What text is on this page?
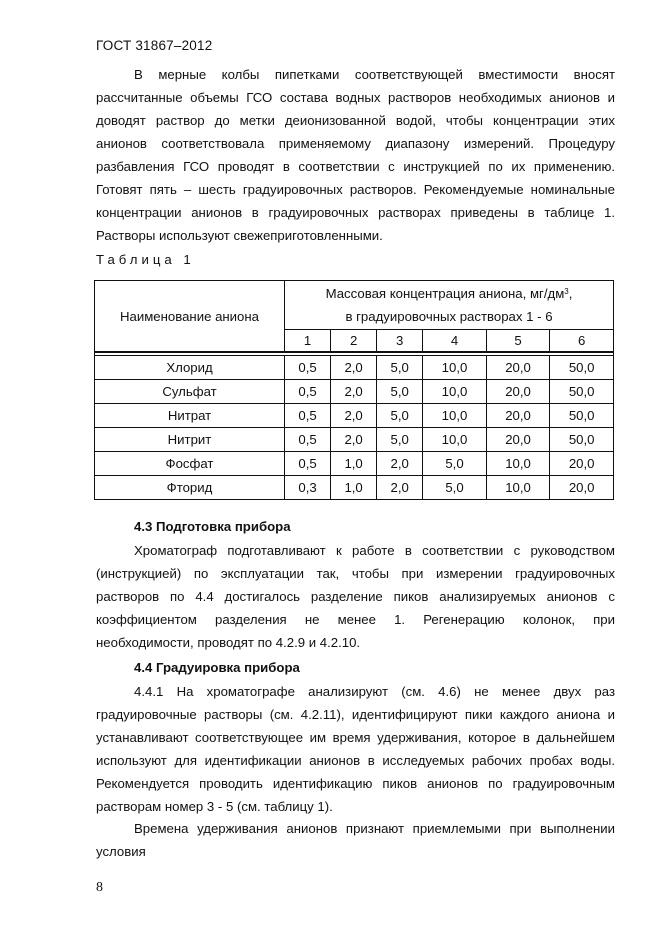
ГОСТ 31867–2012

В мерные колбы пипетками соответствующей вместимости вносят рассчитанные объемы ГСО состава водных растворов необходимых анионов и доводят раствор до метки деионизованной водой, чтобы концентрации этих анионов соответствовала применяемому диапазону измерений. Процедуру разбавления ГСО проводят в соответствии с инструкцией по их применению. Готовят пять – шесть градуировочных растворов. Рекомендуемые номинальные концентрации анионов в градуировочных растворах приведены в таблице 1. Растворы используют свежеприготовленными.

Таблица 1
Наименование аниона	Массовая концентрация аниона, $мг/дм^3$,
в градуировочных растворах 1 - 6					
	1	2	3	4	5	6

Хлорид	0,5	2,0	5,0	10,0	20,0	50,0
Сульфат	0,5	2,0	5,0	10,0	20,0	50,0
Нитрат	0,5	2,0	5,0	10,0	20,0	50,0
Нитрит	0,5	2,0	5,0	10,0	20,0	50,0
Фосфат	0,5	1,0	2,0	5,0	10,0	20,0
Фторид	0,3	1,0	2,0	5,0	10,0	20,0
4.3 Подготовка прибора

Хроматограф подготавливают к работе в соответствии с руководством (инструкцией) по эксплуатации так, чтобы при измерении градуировочных растворов по 4.4 достигалось разделение пиков анализируемых анионов с коэффициентом разделения не менее 1. Регенерацию колонок, при необходимости, проводят по 4.2.9 и 4.2.10.

4.4 Градуировка прибора

4.4.1 На хроматографе анализируют (см. 4.6) не менее двух раз градуировочные растворы (см. 4.2.11), идентифицируют пики каждого аниона и устанавливают соответствующее им время удерживания, которое в дальнейшем используют для идентификации анионов в исследуемых рабочих пробах воды. Рекомендуется проводить идентификацию пиков анионов по градуировочным растворам номер 3 - 5 (см. таблицу 1).

Времена удерживания анионов признают приемлемыми при выполнении условия

8
